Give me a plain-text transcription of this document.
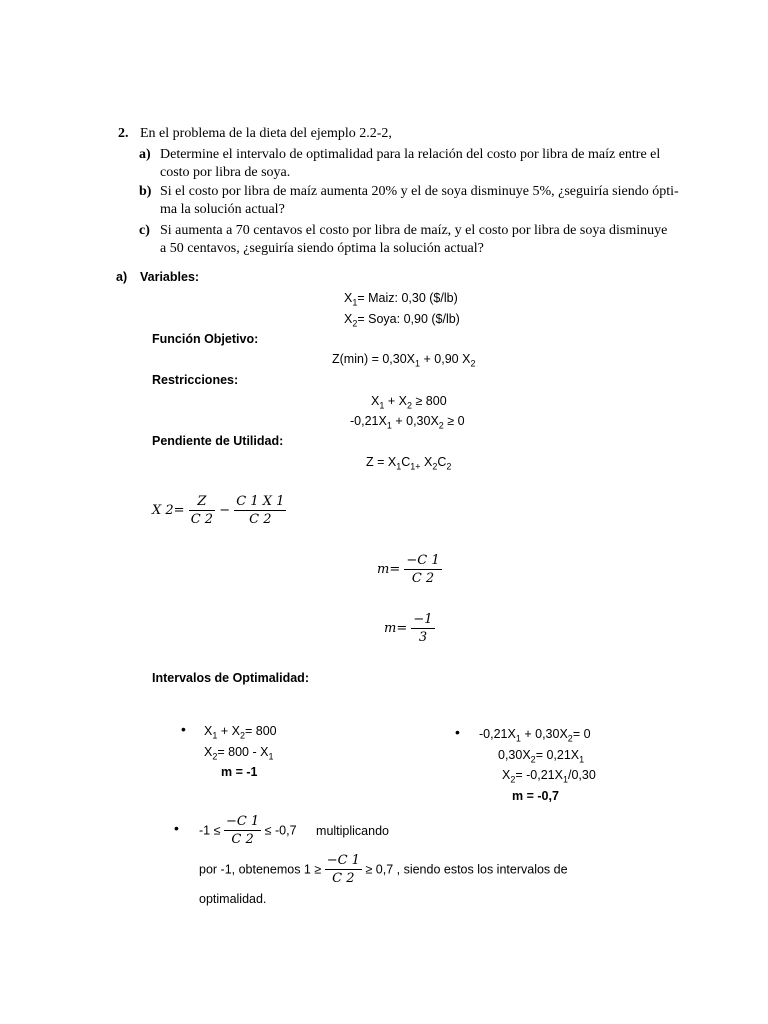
2. En el problema de la dieta del ejemplo 2.2-2,
a) Determine el intervalo de optimalidad para la relación del costo por libra de maíz entre el
costo por libra de soya.
b) Si el costo por libra de maíz aumenta 20% y el de soya disminuye 5%, ¿seguiría siendo ópti-
ma la solución actual?
c) Si aumenta a 70 centavos el costo por libra de maíz, y el costo por libra de soya disminuye
a 50 centavos, ¿seguiría siendo óptima la solución actual?
a) Variables:
$X_1=$ Maiz: 0,30 ($/lb)
$X_2=$ Soya: 0,90 ($/lb)
Función Objetivo:
$Z(\min) = 0,30X_1 + 0,90$ $X_2$
Restricciones:
$X_1 + X_2 \ge 800$
$-0,21X_1 + 0,30X_2 \ge 0$
Pendiente de Utilidad:
$Z = X_1C_{1+}$ $X_2C_2$
X $2= \frac{Z}{C 2} - \frac{C 1 X 1}{C 2}$
$m= \frac{-C 1}{C 2}$
$m= \frac{-1}{3}$
Intervalos de Optimalidad:
• $X_1 + X_2= 800$
$X_2= 800 - X_1$
m = -1
• $-0,21X_1 + 0,30X_2= 0$
$0,30X_2= 0,21X_1$
$X_2= -0,21X_1/0,30$
m = -0,7
• $-1 \le \frac{-C 1}{C 2} \le -0,7$ multiplicando
por -1, obtenemos $1 \ge \frac{-C 1}{C 2} \ge 0,7$ , siendo estos los intervalos de
optimalidad.
